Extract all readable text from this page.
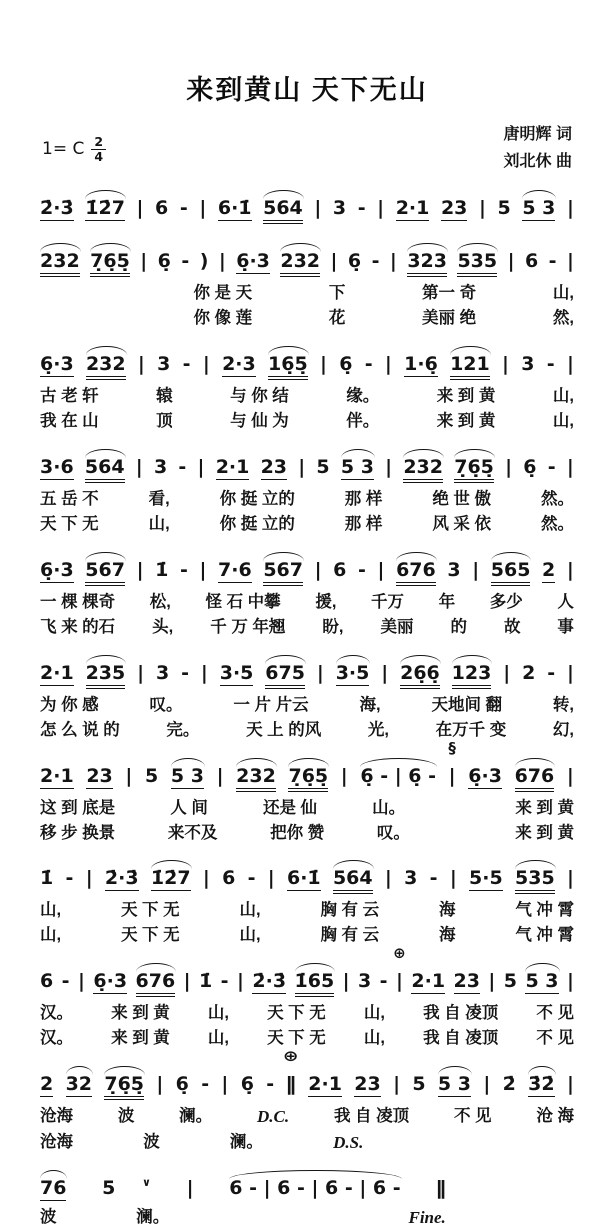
来到黄山 天下无山
1= C $\frac{2}{4}$
唐明辉 词
刘北休 曲
2̇·3̇ 1̇2̇7 | 6 - | 6·1̇ 564 | 3 - | 2·1 23 | 5 5 3 |
232 7̣6̣5̣ | 6̣ - ) | 6̣·3 232 | 6̣ - | 323 535 | 6 - |
你 是 天	下	第一 奇	山,
你 像 莲	花	美丽 绝	然,
6̣·3 232 | 3 - | 2·3 16̣5̣ | 6̣ - | 1·6̣ 121 | 3 - |
古 老 轩	辕	与 你 结	缘。	来 到 黄	山,
我 在 山	顶	与 仙 为	伴。	来 到 黄	山,
3·6 564 | 3 - | 2·1 23 | 5 5 3 | 232 7̣6̣5̣ | 6̣ - |
五 岳 不	看,	你 挺 立的	那 样	绝 世 傲	然。
天 下 无	山,	你 挺 立的	那 样	风 采 依	然。
6̣·3 567 | 1̇ - | 7·6 567 | 6 - | 676 3 | 565 2 |
一 棵 棵奇 松, 怪 石 中攀 援, 千万 年 多少 人
飞 来 的石 头, 千 万 年翘 盼, 美丽 的 故 事
2·1 235 | 3 - | 3·5 675 | 3·5 | 26̣6̣ 123 | 2 - |
为 你 感	叹。	一 片 片云	海,	天地间 翻	转,
怎 么 说 的	完。	天 上 的风	光,	在万千 变	幻,
2·1 23 | 5 5 3 | 232 7̣6̣5̣ | 6̣ - | 6̣ - |
§
6̣·3 676 |
这 到 底是	人 间	还是 仙	山。	来 到 黄
移 步 换景	来不及	把你 赞	叹。	来 到 黄
1̇ - | 2̇·3̇ 1̇2̇7 | 6 - | 6·1̇ 564 | 3 - | 5·5 535 |
山,	天 下 无	山,	胸 有 云	海	气 冲 霄
山,	天 下 无	山,	胸 有 云	海	气 冲 霄
6 - | 6̣·3 676 | 1̇ - | 2̇·3̇ 1̇65 | 3 - |
⊕
2·1 23 | 5 5 3 |
汉。 来 到 黄 山, 天 下 无 山, 我 自 凌顶 不 见
汉。 来 到 黄 山, 天 下 无 山, 我 自 凌顶 不 见
2 32 7̣6̣5̣ | 6̣ - | 6̣ - ‖
⊕
2·1 23 | 5 5 3 | 2̇ 3̇2̇ |
沧海	波	澜。	D.C.	我 自 凌顶	不 见	沧 海
沧海	波	澜。	D.S.
76 5 ∨ | 6 - | 6 - | 6 - | 6 - ‖
波	澜。	Fine.
